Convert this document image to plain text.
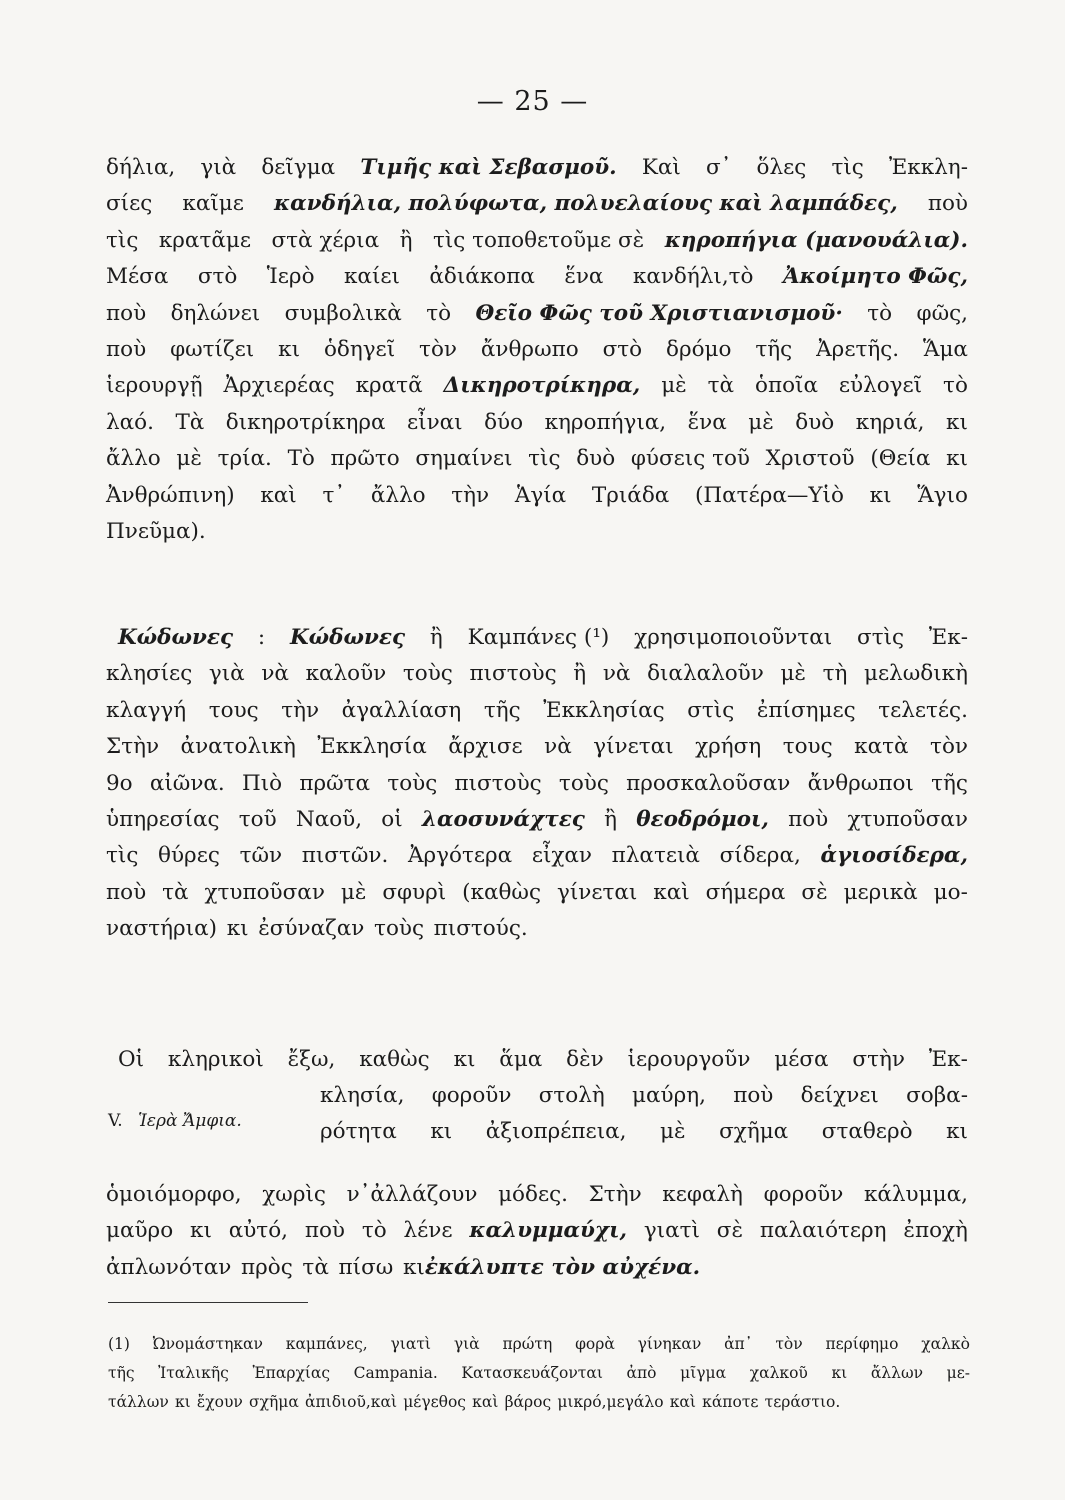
— 25 —
δήλια, γιὰ δεῖγμα Τιμῆς καὶ Σεβασμοῦ. Καὶ σ᾽ ὅλες τὶς Ἐκκλη-
σίες καῖμε κανδήλια, πολύφωτα, πολυελαίους καὶ λαμπάδες, ποὺ
τὶς κρατᾶμε στὰ χέρια ἢ τὶς τοποθετοῦμε σὲ κηροπήγια (μανουάλια).
Μέσα στὸ Ἱερὸ καίει ἀδιάκοπα ἕνα κανδήλι,τὸ Ἀκοίμητο Φῶς,
ποὺ δηλώνει συμβολικὰ τὸ Θεῖο Φῶς τοῦ Χριστιανισμοῦ· τὸ φῶς,
ποὺ φωτίζει κι ὁδηγεῖ τὸν ἄνθρωπο στὸ δρόμο τῆς Ἀρετῆς. Ἅμα
ἱερουργῇ Ἀρχιερέας κρατᾶ Δικηροτρίκηρα, μὲ τὰ ὁποῖα εὐλογεῖ τὸ
λαό. Τὰ δικηροτρίκηρα εἶναι δύο κηροπήγια, ἕνα μὲ δυὸ κηριά, κι
ἄλλο μὲ τρία. Τὸ πρῶτο σημαίνει τὶς δυὸ φύσεις τοῦ Χριστοῦ (Θεία κι
Ἀνθρώπινη) καὶ τ᾽ ἄλλο τὴν Ἁγία Τριάδα (Πατέρα—Υἱὸ κι Ἅγιο
Πνεῦμα).
Κώδωνες : Κώδωνες ἢ Καμπάνες (¹) χρησιμοποιοῦνται στὶς Ἐκ-
κλησίες γιὰ νὰ καλοῦν τοὺς πιστοὺς ἢ νὰ διαλαλοῦν μὲ τὴ μελωδικὴ
κλαγγή τους τὴν ἀγαλλίαση τῆς Ἐκκλησίας στὶς ἐπίσημες τελετές.
Στὴν ἀνατολικὴ Ἐκκλησία ἄρχισε νὰ γίνεται χρήση τους κατὰ τὸν
9ο αἰῶνα. Πιὸ πρῶτα τοὺς πιστοὺς τοὺς προσκαλοῦσαν ἄνθρωποι τῆς
ὑπηρεσίας τοῦ Ναοῦ, οἱ λαοσυνάχτες ἢ θεοδρόμοι, ποὺ χτυποῦσαν
τὶς θύρες τῶν πιστῶν. Ἀργότερα εἶχαν πλατειὰ σίδερα, ἁγιοσίδερα,
ποὺ τὰ χτυποῦσαν μὲ σφυρὶ (καθὼς γίνεται καὶ σήμερα σὲ μερικὰ μο-
ναστήρια) κι ἐσύναζαν τοὺς πιστούς.
Οἱ κληρικοὶ ἔξω, καθὼς κι ἅμα δὲν ἱερουργοῦν μέσα στὴν Ἐκ-
V. Ἱερὰ Ἄμφια.
κλησία, φοροῦν στολὴ μαύρη, ποὺ δείχνει σοβα-
ρότητα κι ἀξιοπρέπεια, μὲ σχῆμα σταθερὸ κι
ὁμοιόμορφο, χωρὶς ν᾽ἀλλάζουν μόδες. Στὴν κεφαλὴ φοροῦν κάλυμμα,
μαῦρο κι αὐτό, ποὺ τὸ λένε καλυμμαύχι, γιατὶ σὲ παλαιότερη ἐποχὴ
ἀπλωνόταν πρὸς τὰ πίσω κι ἐκάλυπτε τὸν αὐχένα.
(1) Ὠνομάστηκαν καμπάνες, γιατὶ γιὰ πρώτη φορὰ γίνηκαν ἀπ᾽ τὸν περίφημο χαλκὸ
τῆς Ἰταλικῆς Ἐπαρχίας Campania. Κατασκευάζονται ἀπὸ μῖγμα χαλκοῦ κι ἄλλων με-
τάλλων κι ἔχουν σχῆμα ἀπιδιοῦ,καὶ μέγεθος καὶ βάρος μικρό,μεγάλο καὶ κάποτε τεράστιο.
